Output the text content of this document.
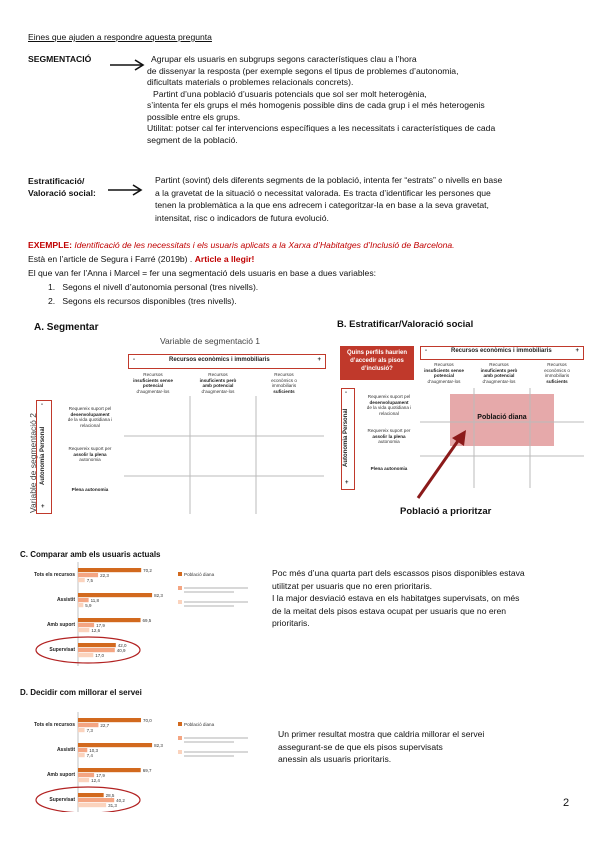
Eines que ajuden a respondre aquesta pregunta
SEGMENTACIÓ	Agrupar els usuaris en subgrups segons característiques clau a l’hora
de dissenyar la resposta (per exemple segons el tipus de problemes d’autonomia,
dificultats materials o problemes relacionals concrets).
Partint d’una població d’usuaris potencials que sol ser molt heterogènia,
s’intenta fer els grups el més homogenis possible dins de cada grup i el més heterogenis
possible entre els grups.
Utilitat: potser cal fer intervencions específiques a les necessitats i característiques de cada
segment de la població.
Estratificació/
Valoració social:
Partint (sovint) dels diferents segments de la població, intenta fer “estrats” o nivells en base
a la gravetat de la situació o necessitat valorada. Es tracta d’identificar les persones que
tenen la problemàtica a la que ens adrecem i categoritzar-la en base a la seva gravetat,
intensitat, risc o indicadors de futura evolució.
EXEMPLE: Identificació de les necessitats i els usuaris aplicats a la Xarxa d’Habitatges d’Inclusió de Barcelona.
Està en l’article de Segura i Farré (2019b) . Article a llegir!
El que van fer l’Anna i Marcel = fer una segmentació dels usuaris en base a dues variables:
1.   Segons el nivell d’autonomia personal (tres nivells).
2.   Segons els recursos disponibles (tres nivells).
A. Segmentar
Variable de segmentació 1
Variable de segmentació 2
-	Recursos econòmics i immobiliaris	+
Recursos
insuficients sense
potencial
d’augmentar-los
Recursos
insuficients però
amb potencial
d’augmentar-los
Recursos
econòmics o
immobiliaris
suficients
-
Autonomia Personal
+
Requereix suport pel
desenvolupament
de la vida quotidiana i
relacional
Requereix suport per
assolir la plena
autonomia
Plena autonomia
B. Estratificar/Valoració social
Quins perfils haurien d’accedir als pisos d’inclusió?
-	Recursos econòmics i immobiliaris	+
Recursos
insuficients sense
potencial
d’augmentar-los
Recursos
insuficients però
amb potencial
d’augmentar-los
Recursos
econòmics o
immobiliaris
suficients
-
Autonomia Personal
+
Requereix suport pel
desenvolupament
de la vida quotidiana i
relacional
Requereix suport per
assolir la plena
autonomia
Plena autonomia
Població diana
Població a prioritzar
C. Comparar amb els usuaris actuals
Tots els recursos
70,2
22,3
7,5
Assistit
82,3
11,8
5,9
Amb suport
69,5
17,9
12,6
Supervisat
42,0
40,9
17,0
Població diana	Poc més d’una quarta part dels escassos pisos disponibles estava
utilitzat per usuaris que no eren prioritaris.
I la major desviació estava en els habitatges supervisats, on més
de la meitat dels pisos estava ocupat per usuaris que no eren
prioritaris.
D. Decidir com millorar el servei
Tots els recursos
70,0
22,7
7,3
Assistit
82,3
10,3
7,4
Amb suport
69,7
17,9
12,4
Supervisat
28,5
40,2
31,3
Població diana
Un primer resultat mostra que caldria millorar el servei
assegurant-se de que els pisos supervisats
anessin als usuaris prioritaris.
2
